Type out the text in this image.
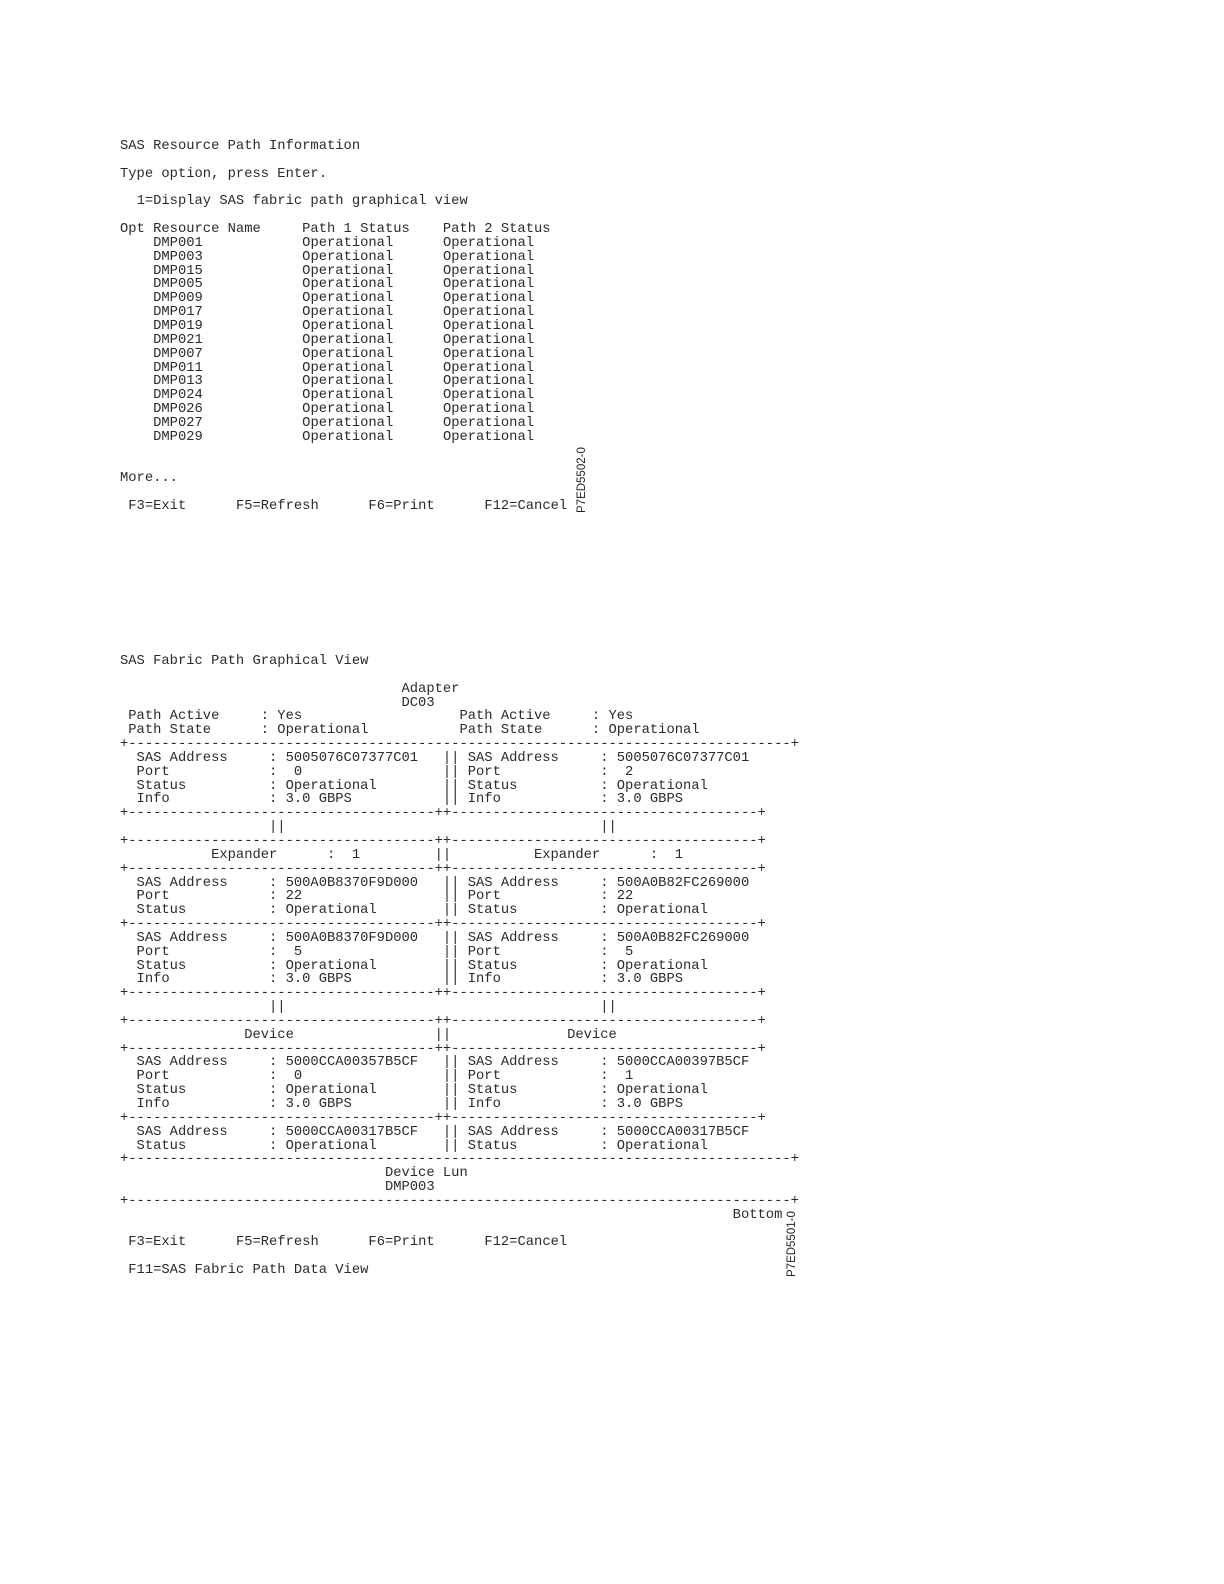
SAS Resource Path Information

Type option, press Enter.

1=Display SAS fabric path graphical view

Opt Resource Name     Path 1 Status    Path 2 Status
DMP001	Operational	Operational
DMP003	Operational	Operational
DMP015	Operational	Operational
DMP005	Operational	Operational
DMP009	Operational	Operational
DMP017	Operational	Operational
DMP019	Operational	Operational
DMP021	Operational	Operational
DMP007	Operational	Operational
DMP011	Operational	Operational
DMP013	Operational	Operational
DMP024	Operational	Operational
DMP026	Operational	Operational
DMP027	Operational	Operational
DMP029	Operational	Operational

More...

F3=Exit	F5=Refresh	F6=Print	F12=Cancel P7ED5502-0
SAS Fabric Path Graphical View

Adapter
DC03
Path Active     : Yes                   Path Active     : Yes
Path State      : Operational           Path State      : Operational
+--------------------------------------------------------------------------------+
SAS Address     : 5005076C07377C01   || SAS Address     : 5005076C07377C01
Port            :  0                 || Port            :  2
Status          : Operational        || Status          : Operational
Info            : 3.0 GBPS           || Info            : 3.0 GBPS
+-------------------------------------++-------------------------------------+
||                                      ||
+-------------------------------------++-------------------------------------+
Expander      :  1         ||          Expander      :  1
+-------------------------------------++-------------------------------------+
SAS Address     : 500A0B8370F9D000   || SAS Address     : 500A0B82FC269000
Port            : 22                 || Port            : 22
Status          : Operational        || Status          : Operational
+-------------------------------------++-------------------------------------+
SAS Address     : 500A0B8370F9D000   || SAS Address     : 500A0B82FC269000
Port            :  5                 || Port            :  5
Status          : Operational        || Status          : Operational
Info            : 3.0 GBPS           || Info            : 3.0 GBPS
+-------------------------------------++-------------------------------------+
||                                      ||
+-------------------------------------++-------------------------------------+
Device                 ||              Device
+-------------------------------------++-------------------------------------+
SAS Address     : 5000CCA00357B5CF   || SAS Address     : 5000CCA00397B5CF
Port            :  0                 || Port            :  1
Status          : Operational        || Status          : Operational
Info            : 3.0 GBPS           || Info            : 3.0 GBPS
+-------------------------------------++-------------------------------------+
SAS Address     : 5000CCA00317B5CF   || SAS Address     : 5000CCA00317B5CF
Status          : Operational        || Status          : Operational
+--------------------------------------------------------------------------------+
Device Lun
DMP003
+--------------------------------------------------------------------------------+
Bottom

F3=Exit	F5=Refresh	F6=Print	F12=Cancel

F11=SAS Fabric Path Data View	P7ED5501-0
